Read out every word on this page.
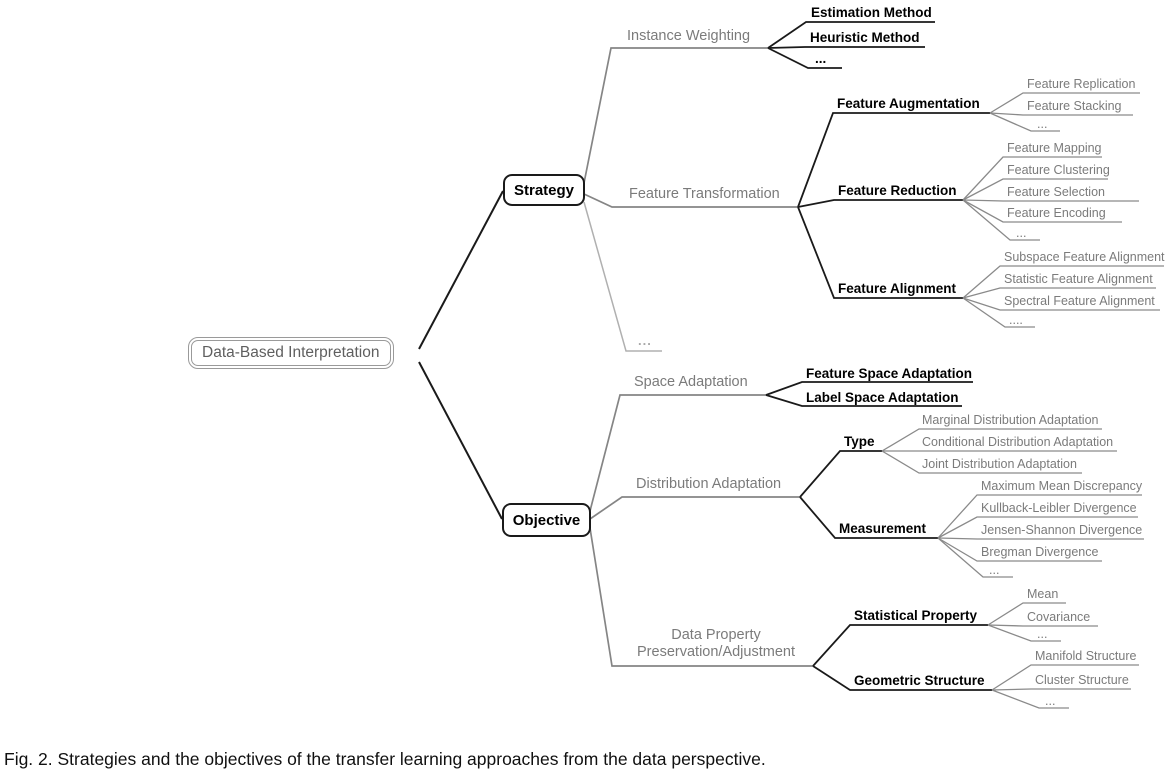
Data-Based Interpretation
Strategy
Objective
Instance Weighting
Estimation Method
Heuristic Method
...
Feature Transformation
Feature Augmentation
Feature Replication
Feature Stacking
...
Feature Reduction
Feature Mapping
Feature Clustering
Feature Selection
Feature Encoding
...
Feature Alignment
Subspace Feature Alignment
Statistic Feature Alignment
Spectral Feature Alignment
....
...
Space Adaptation
Feature Space Adaptation
Label Space Adaptation
Distribution Adaptation
Type
Marginal Distribution Adaptation
Conditional Distribution Adaptation
Joint Distribution Adaptation
Measurement
Maximum Mean Discrepancy
Kullback-Leibler Divergence
Jensen-Shannon Divergence
Bregman Divergence
...
Data Property Preservation/Adjustment
Statistical Property
Mean
Covariance
...
Geometric Structure
Manifold Structure
Cluster Structure
...
Fig. 2. Strategies and the objectives of the transfer learning approaches from the data perspective.
